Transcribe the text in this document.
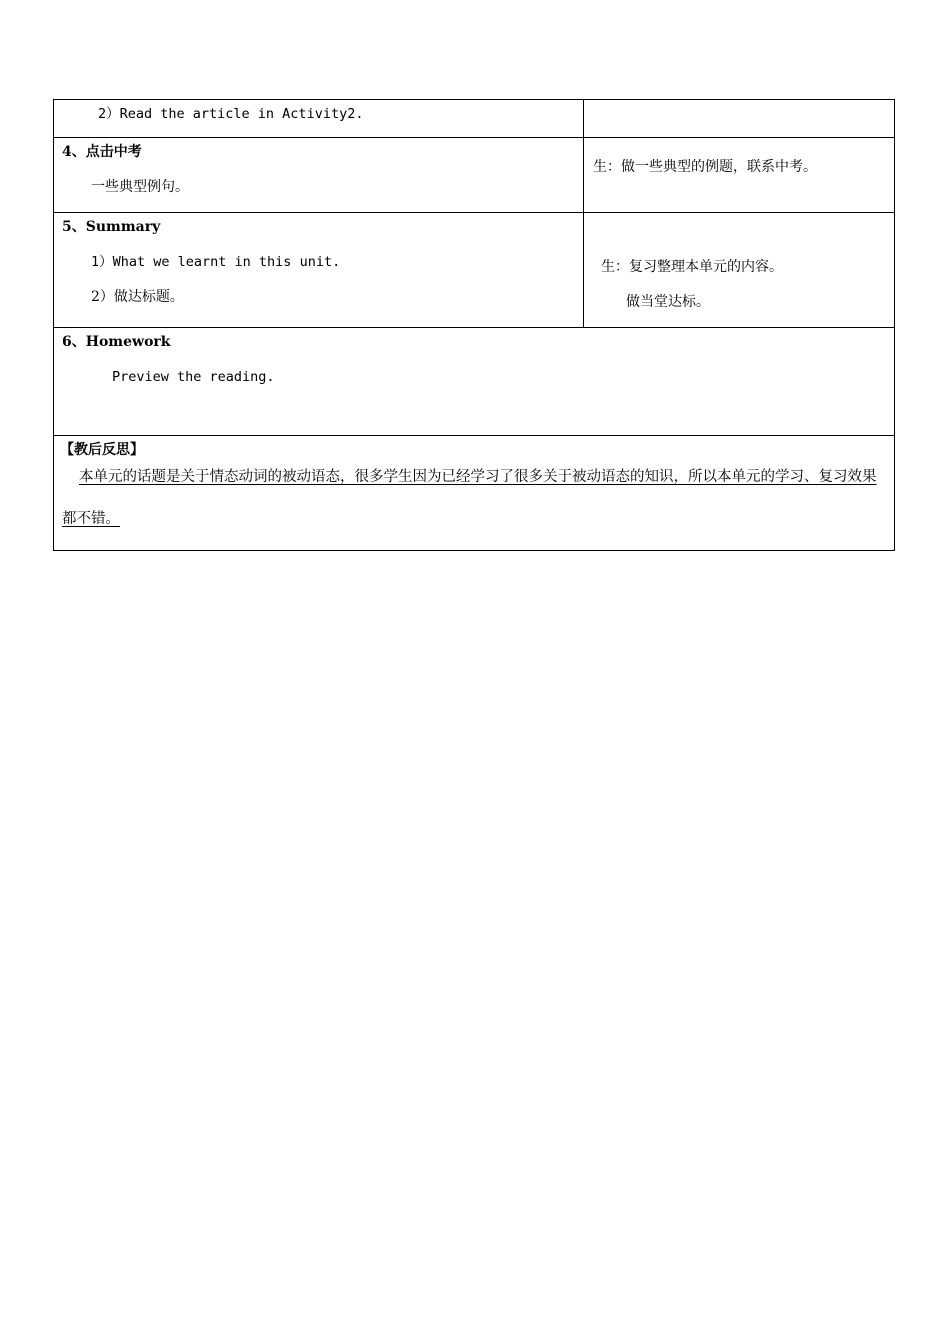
2）Read the article in Activity2.	

4、点击中考
一些典型例句。	生：做一些典型的例题，联系中考。

5、Summary
1）What we learnt in this unit.
2）做达标题。	生：复习整理本单元的内容。
做当堂达标。

6、Homework
Preview the reading.	

【教后反思】
本单元的话题是关于情态动词的被动语态，很多学生因为已经学习了很多关于被动语态的知识，所以本单元的学习、复习效果都不错。	
